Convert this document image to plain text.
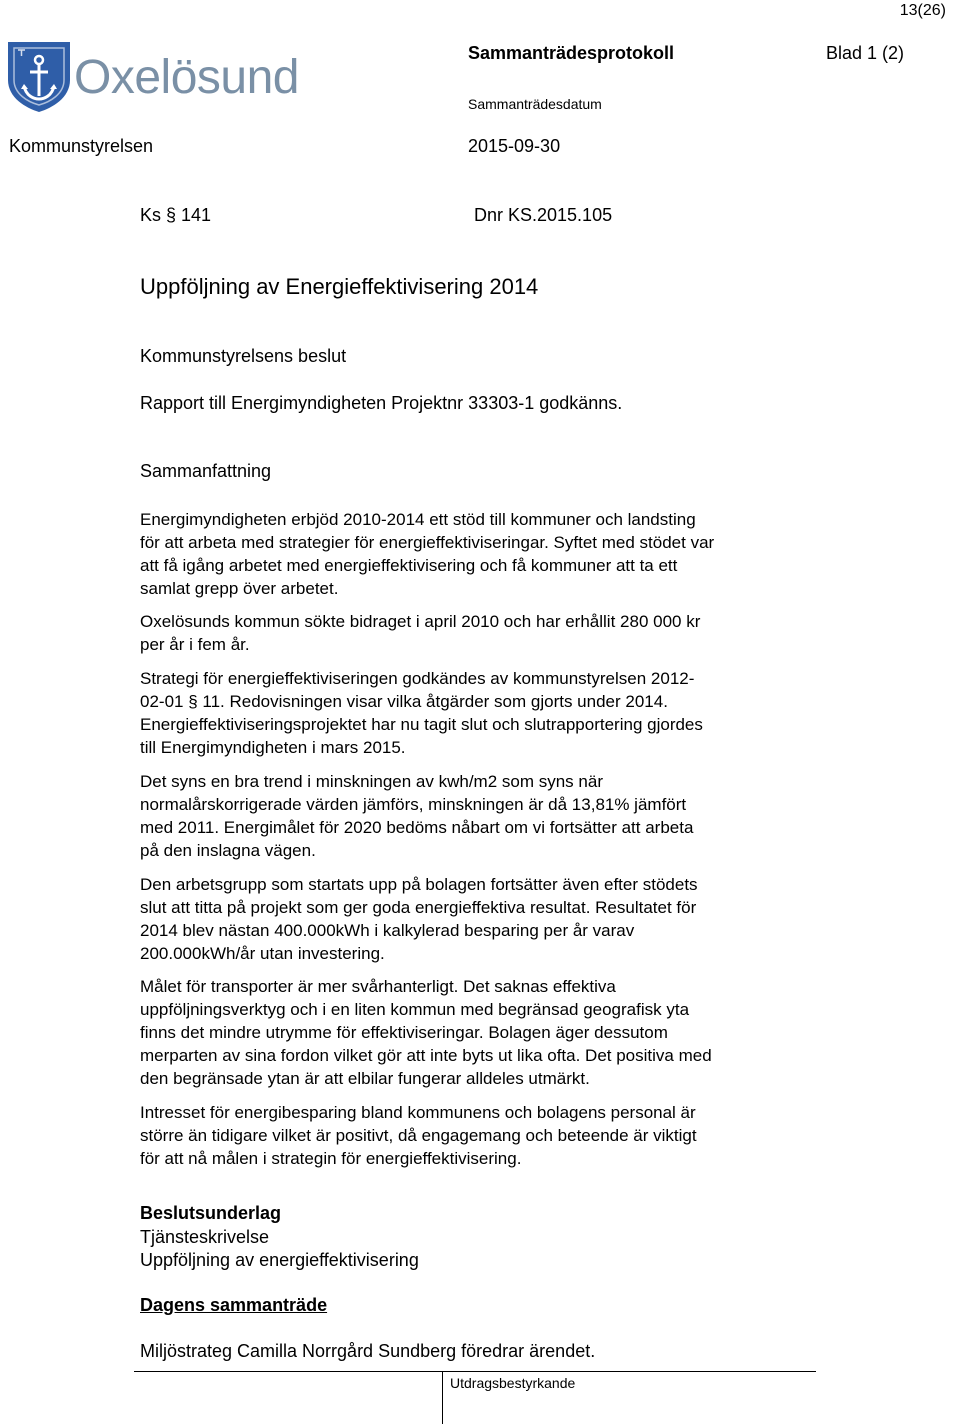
13(26)
Oxelösund	Sammanträdesprotokoll	Blad 1 (2)
Sammanträdesdatum
Kommunstyrelsen	2015-09-30
Ks § 141	Dnr KS.2015.105
Uppföljning av Energieffektivisering 2014
Kommunstyrelsens beslut
Rapport till Energimyndigheten Projektnr 33303-1 godkänns.
Sammanfattning
Energimyndigheten erbjöd 2010-2014 ett stöd till kommuner och landsting
för att arbeta med strategier för energieffektiviseringar. Syftet med stödet var
att få igång arbetet med energieffektivisering och få kommuner att ta ett
samlat grepp över arbetet.
Oxelösunds kommun sökte bidraget i april 2010 och har erhållit 280 000 kr
per år i fem år.
Strategi för energieffektiviseringen godkändes av kommunstyrelsen 2012-
02-01 § 11. Redovisningen visar vilka åtgärder som gjorts under 2014.
Energieffektiviseringsprojektet har nu tagit slut och slutrapportering gjordes
till Energimyndigheten i mars 2015.
Det syns en bra trend i minskningen av kwh/m2 som syns när
normalårskorrigerade värden jämförs, minskningen är då 13,81% jämfört
med 2011. Energimålet för 2020 bedöms nåbart om vi fortsätter att arbeta
på den inslagna vägen.
Den arbetsgrupp som startats upp på bolagen fortsätter även efter stödets
slut att titta på projekt som ger goda energieffektiva resultat. Resultatet för
2014 blev nästan 400.000kWh i kalkylerad besparing per år varav
200.000kWh/år utan investering.
Målet för transporter är mer svårhanterligt. Det saknas effektiva
uppföljningsverktyg och i en liten kommun med begränsad geografisk yta
finns det mindre utrymme för effektiviseringar. Bolagen äger dessutom
merparten av sina fordon vilket gör att inte byts ut lika ofta. Det positiva med
den begränsade ytan är att elbilar fungerar alldeles utmärkt.
Intresset för energibesparing bland kommunens och bolagens personal är
större än tidigare vilket är positivt, då engagemang och beteende är viktigt
för att nå målen i strategin för energieffektivisering.
Beslutsunderlag
Tjänsteskrivelse
Uppföljning av energieffektivisering
Dagens sammanträde
Miljöstrateg Camilla Norrgård Sundberg föredrar ärendet.
Utdragsbestyrkande
